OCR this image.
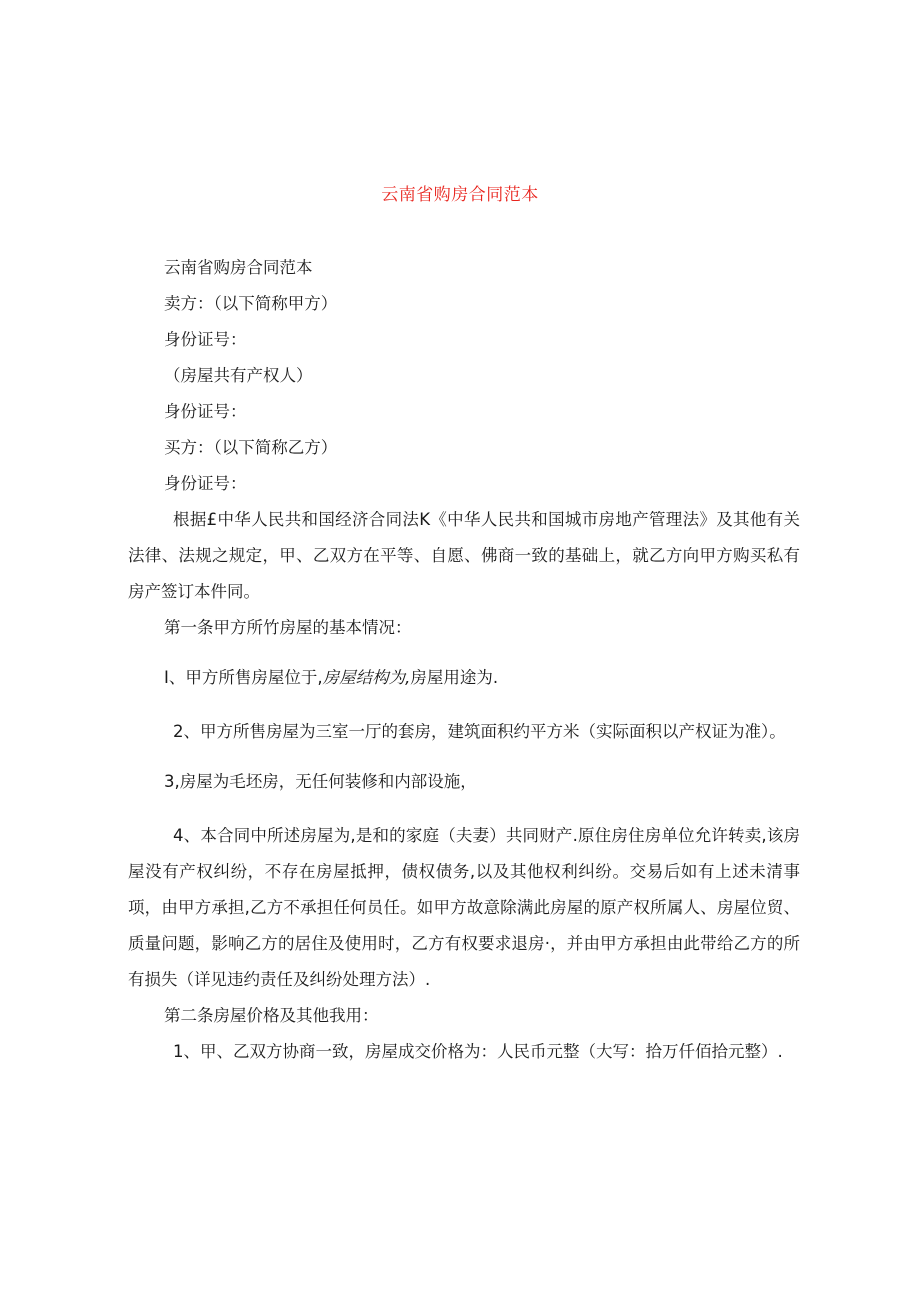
云南省购房合同范本
云南省购房合同范本
卖方：（以下简称甲方）
身份证号：
（房屋共有产权人）
身份证号：
买方：（以下简称乙方）
身份证号：
根据£中华人民共和国经济合同法K《中华人民共和国城市房地产管理法》及其他有关法律、法规之规定，甲、乙双方在平等、自愿、佛商一致的基础上，就乙方向甲方购买私有房产签订本件同。
第一条甲方所竹房屋的基本情况：
I、甲方所售房屋位于,房屋结构为,房屋用途为.
2、甲方所售房屋为三室一厅的套房，建筑面积约平方米（实际面积以产权证为准）。
3,房屋为毛坯房，无任何装修和内部设施，
4、本合同中所述房屋为,是和的家庭（夫妻）共同财产.原住房住房单位允许转卖,该房屋没有产权纠纷，不存在房屋抵押，债权债务,以及其他权利纠纷。交易后如有上述未清事项，由甲方承担,乙方不承担任何员任。如甲方故意除满此房屋的原产权所属人、房屋位贸、质量问题，影响乙方的居住及使用时，乙方有权要求退房·，并由甲方承担由此带给乙方的所有损失（详见违约责任及纠纷处理方法）.
第二条房屋价格及其他我用：
1、甲、乙双方协商一致，房屋成交价格为：人民币元整（大写：拾万仟佰拾元整）.
